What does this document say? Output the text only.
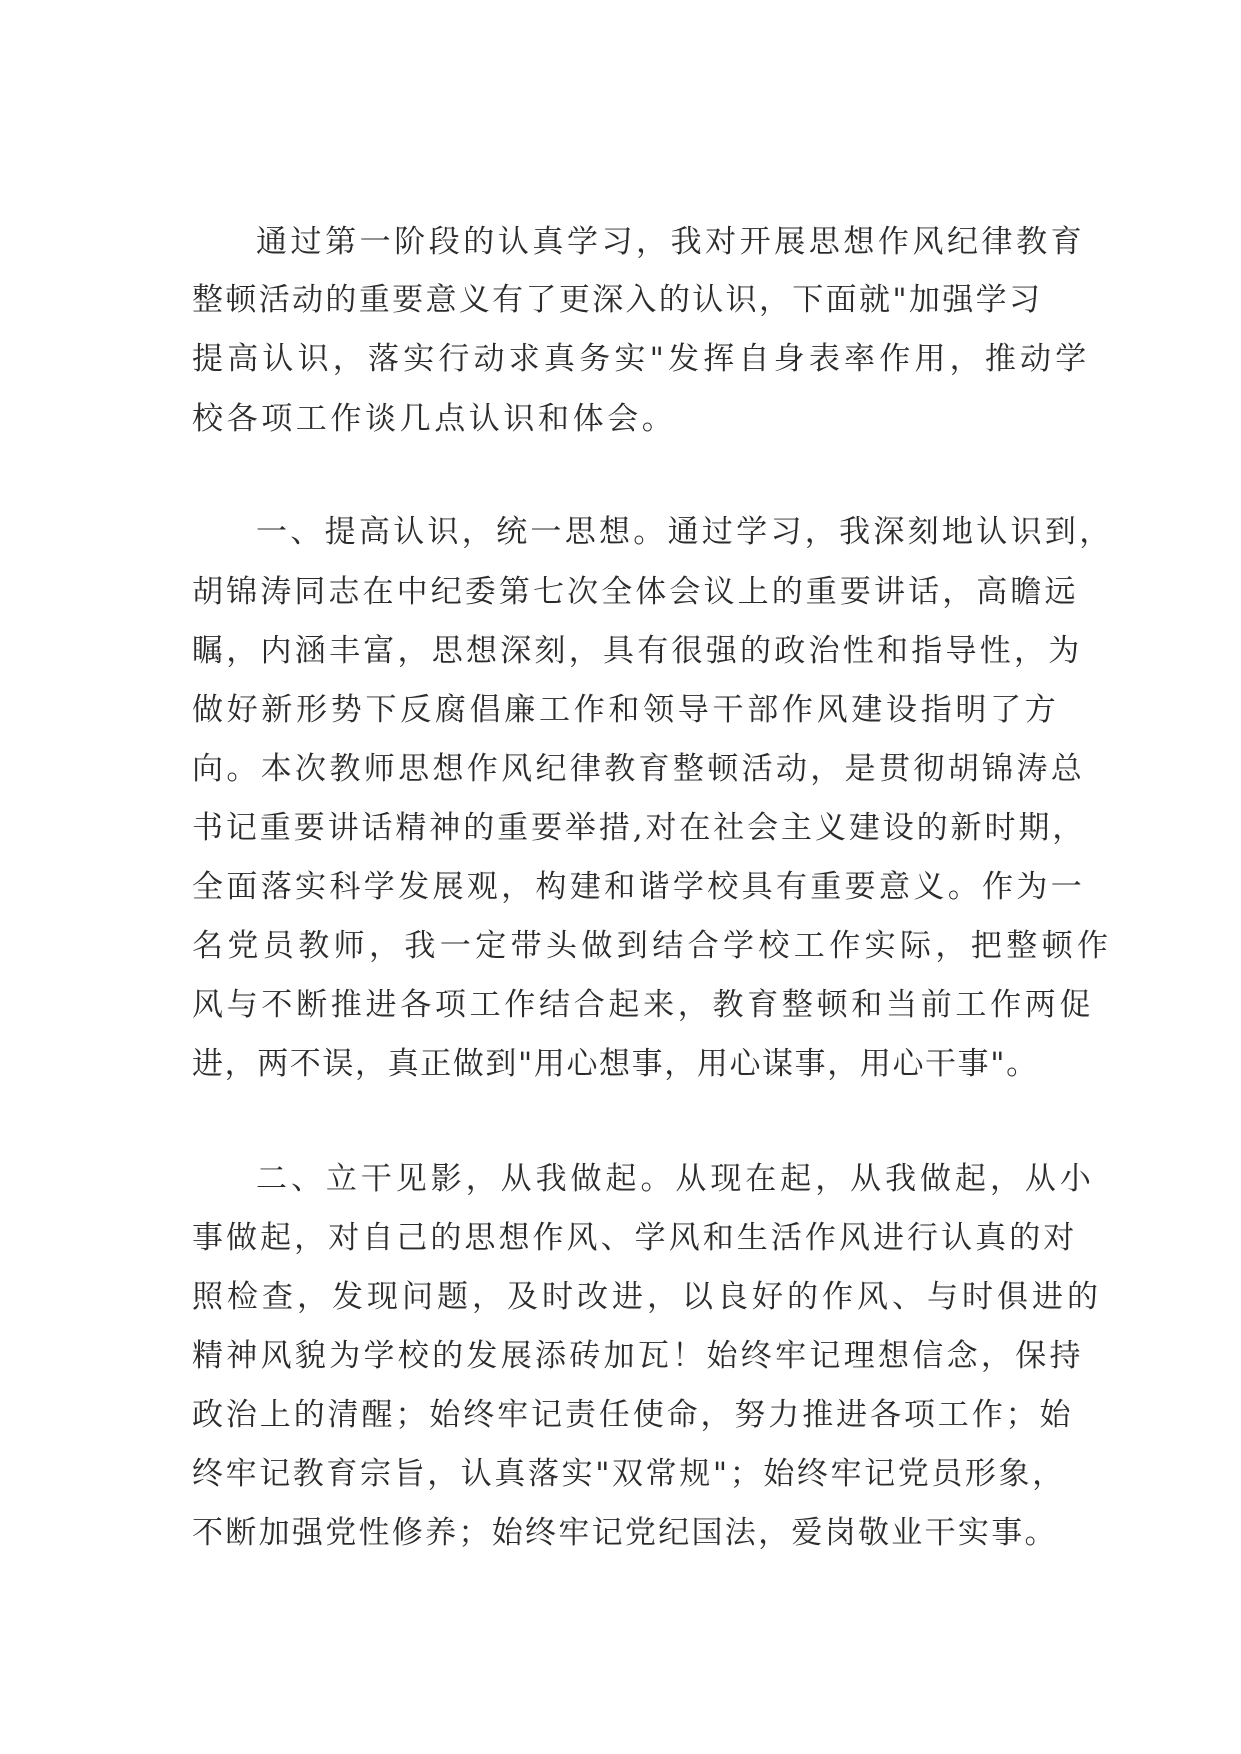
通过第一阶段的认真学习，我对开展思想作风纪律教育
整顿活动的重要意义有了更深入的认识，下面就"加强学习
提高认识，落实行动求真务实"发挥自身表率作用，推动学
校各项工作谈几点认识和体会。
一、提高认识，统一思想。通过学习，我深刻地认识到，
胡锦涛同志在中纪委第七次全体会议上的重要讲话，高瞻远
瞩，内涵丰富，思想深刻，具有很强的政治性和指导性，为
做好新形势下反腐倡廉工作和领导干部作风建设指明了方
向。本次教师思想作风纪律教育整顿活动，是贯彻胡锦涛总
书记重要讲话精神的重要举措,对在社会主义建设的新时期，
全面落实科学发展观，构建和谐学校具有重要意义。作为一
名党员教师，我一定带头做到结合学校工作实际，把整顿作
风与不断推进各项工作结合起来，教育整顿和当前工作两促
进，两不误，真正做到"用心想事，用心谋事，用心干事"。
二、立干见影，从我做起。从现在起，从我做起，从小
事做起，对自己的思想作风、学风和生活作风进行认真的对
照检查，发现问题，及时改进，以良好的作风、与时俱进的
精神风貌为学校的发展添砖加瓦！始终牢记理想信念，保持
政治上的清醒；始终牢记责任使命，努力推进各项工作；始
终牢记教育宗旨，认真落实"双常规"；始终牢记党员形象，
不断加强党性修养；始终牢记党纪国法，爱岗敬业干实事。
